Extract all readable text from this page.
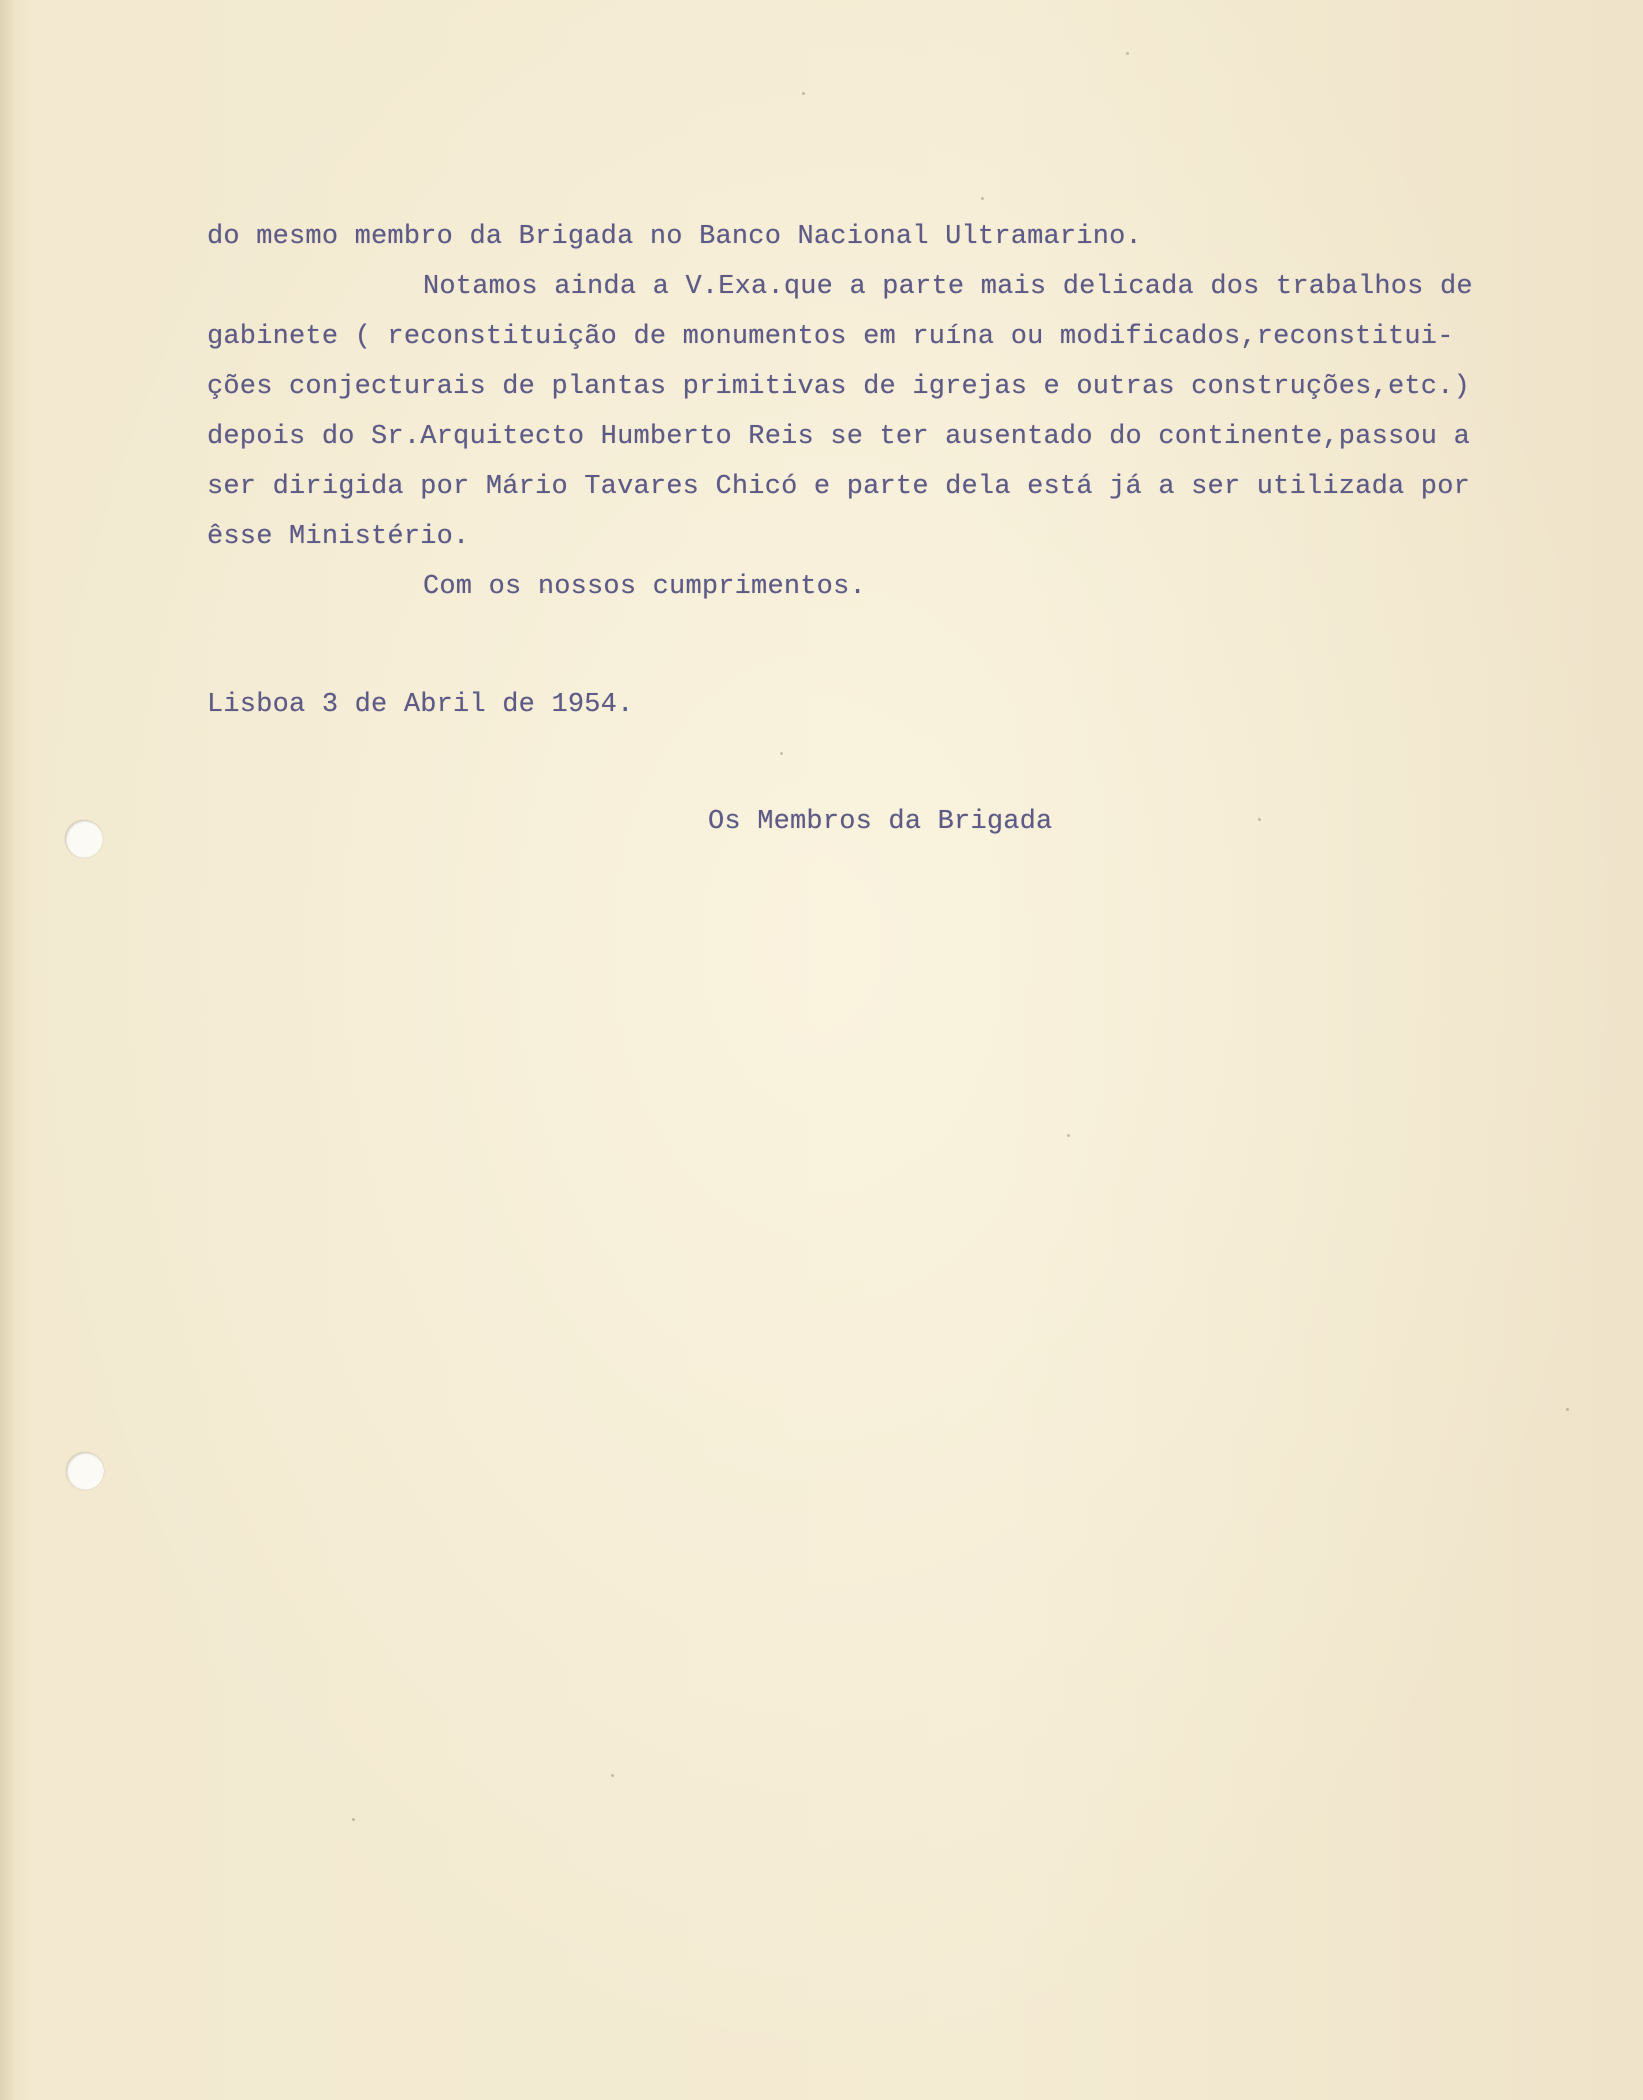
do mesmo membro da Brigada no Banco Nacional Ultramarino.
Notamos ainda a V.Exa.que a parte mais delicada dos trabalhos de
gabinete ( reconstituição de monumentos em ruína ou modificados,reconstitui-
ções conjecturais de plantas primitivas de igrejas e outras construções,etc.)
depois do Sr.Arquitecto Humberto Reis se ter ausentado do continente,passou a
ser dirigida por Mário Tavares Chicó e parte dela está já a ser utilizada por
êsse Ministério.
Com os nossos cumprimentos.
Lisboa 3 de Abril de 1954.
Os Membros da Brigada
